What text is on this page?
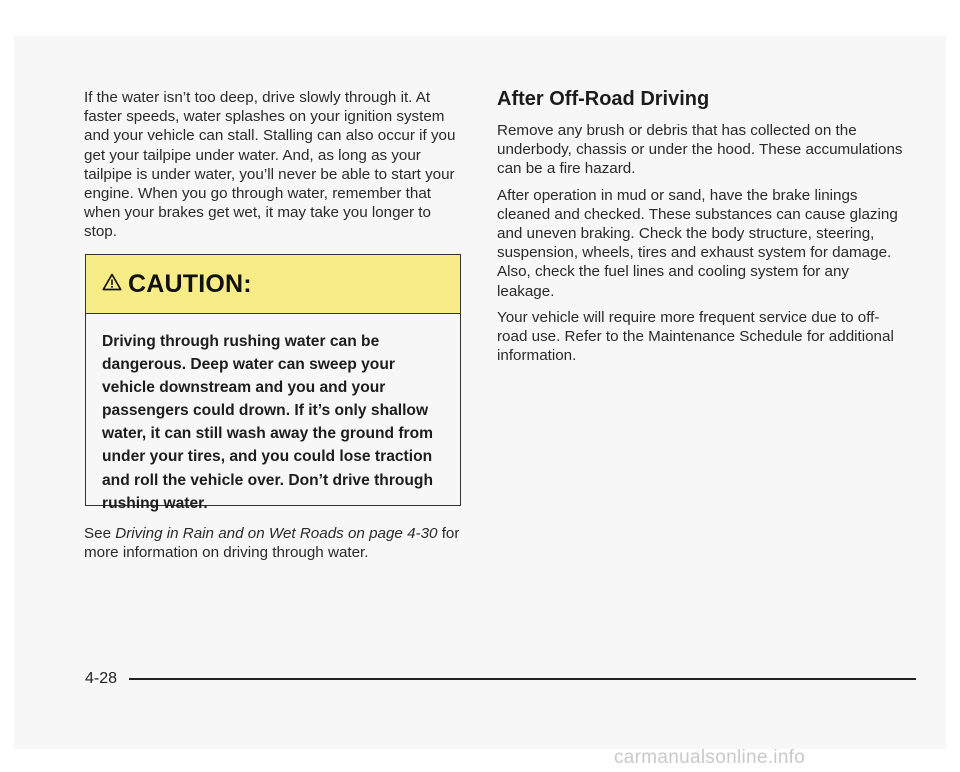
If the water isn’t too deep, drive slowly through it. At faster speeds, water splashes on your ignition system and your vehicle can stall. Stalling can also occur if you get your tailpipe under water. And, as long as your tailpipe is under water, you’ll never be able to start your engine. When you go through water, remember that when your brakes get wet, it may take you longer to stop.

CAUTION:
Driving through rushing water can be dangerous. Deep water can sweep your vehicle downstream and you and your passengers could drown. If it’s only shallow water, it can still wash away the ground from under your tires, and you could lose traction and roll the vehicle over. Don’t drive through rushing water.

See Driving in Rain and on Wet Roads on page 4-30 for more information on driving through water.

After Off-Road Driving

Remove any brush or debris that has collected on the underbody, chassis or under the hood. These accumulations can be a fire hazard.

After operation in mud or sand, have the brake linings cleaned and checked. These substances can cause glazing and uneven braking. Check the body structure, steering, suspension, wheels, tires and exhaust system for damage. Also, check the fuel lines and cooling system for any leakage.

Your vehicle will require more frequent service due to off-road use. Refer to the Maintenance Schedule for additional information.

4-28
carmanualsonline.info
